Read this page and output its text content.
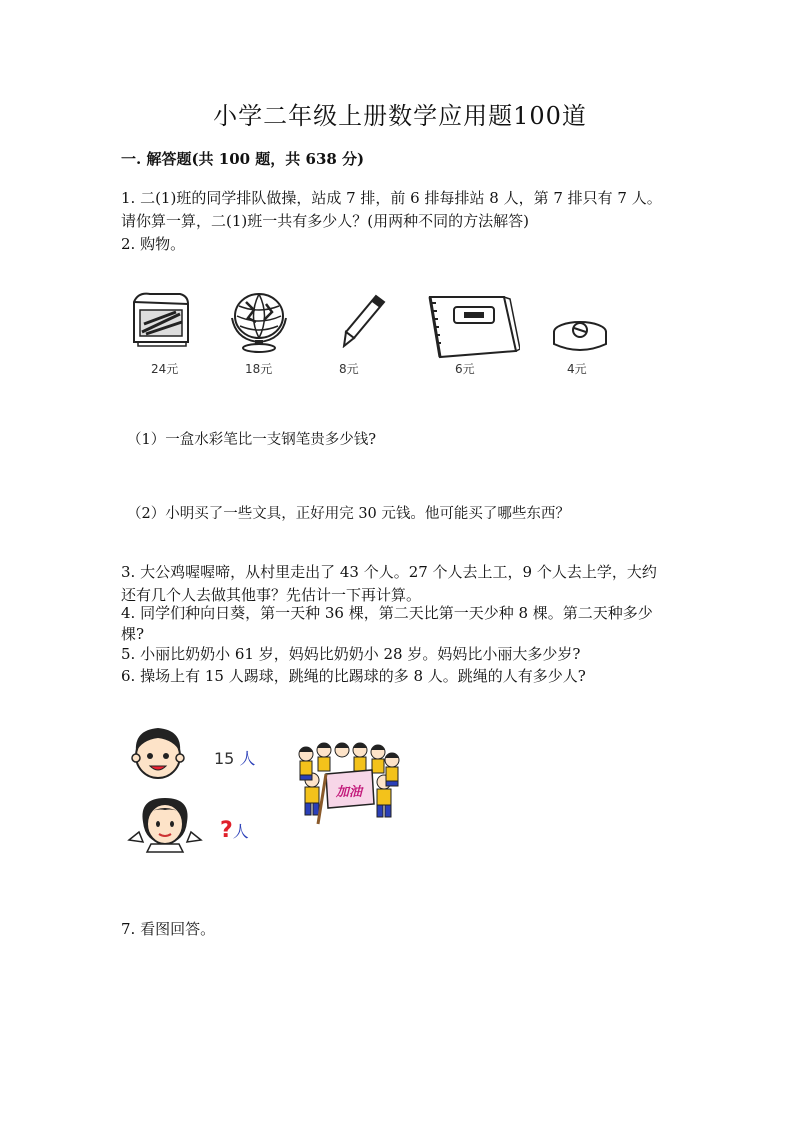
小学二年级上册数学应用题100道
一. 解答题(共 100 题，共 638 分)
1. 二(1)班的同学排队做操，站成 7 排，前 6 排每排站 8 人，第 7 排只有 7 人。
请你算一算，二(1)班一共有多少人？(用两种不同的方法解答)
2. 购物。
24元	18元	8元	6元	4元
（1）一盒水彩笔比一支钢笔贵多少钱?
（2）小明买了一些文具，正好用完 30 元钱。他可能买了哪些东西？
3. 大公鸡喔喔啼，从村里走出了 43 个人。27 个人去上工，9 个人去上学，大约
还有几个人去做其他事？先估计一下再计算。
4. 同学们种向日葵，第一天种 36 棵，第二天比第一天少种 8 棵。第二天种多少
棵?
5. 小丽比奶奶小 61 岁，妈妈比奶奶小 28 岁。妈妈比小丽大多少岁?
6. 操场上有 15 人踢球，跳绳的比踢球的多 8 人。跳绳的人有多少人?
15 人
?人
加油
7. 看图回答。
